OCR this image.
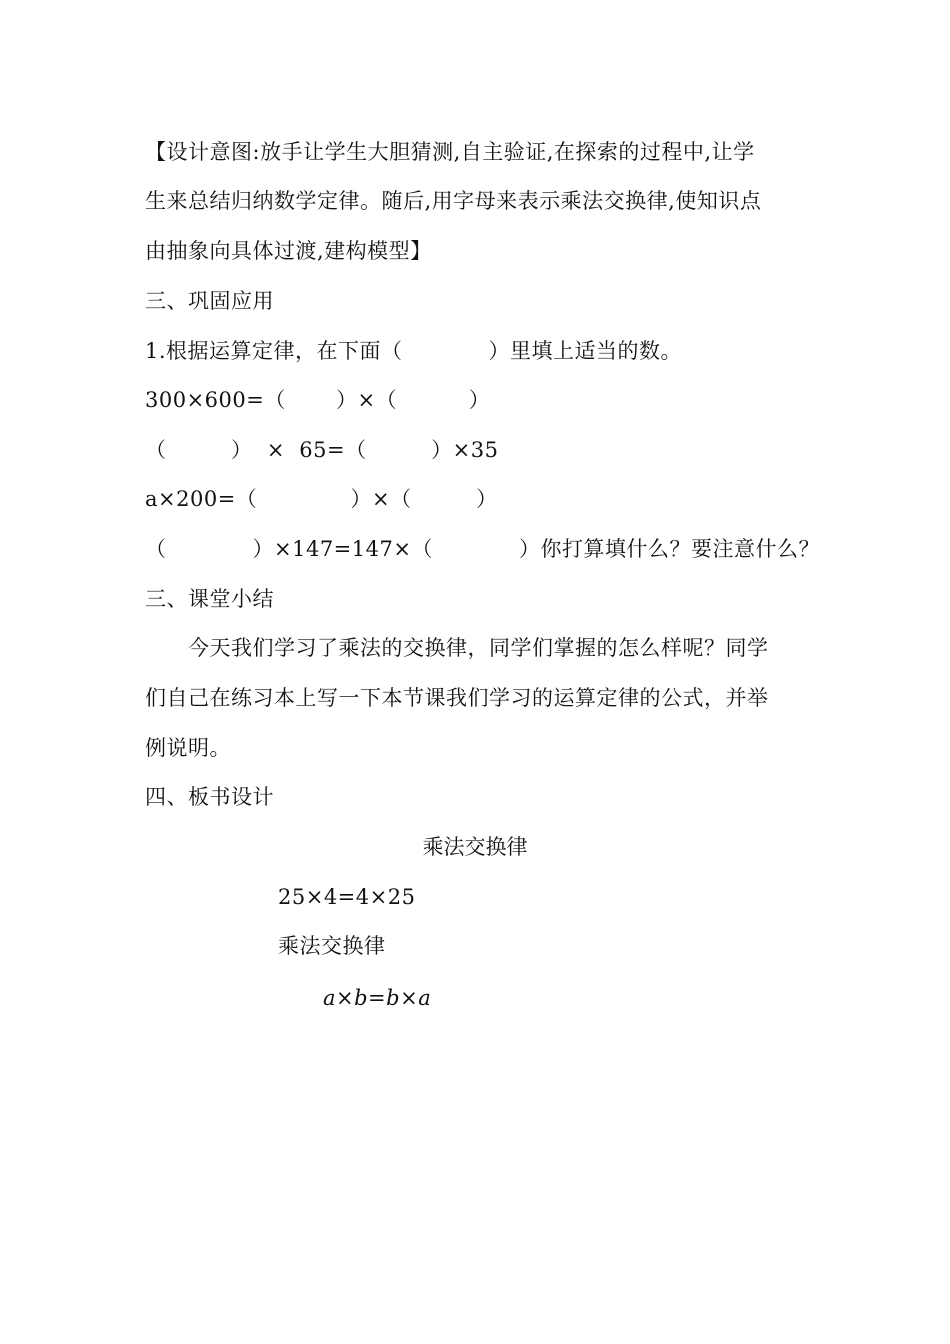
【设计意图:放手让学生大胆猜测,自主验证,在探索的过程中,让学
生来总结归纳数学定律。随后,用字母来表示乘法交换律,使知识点
由抽象向具体过渡,建构模型】
三、巩固应用
1.根据运算定律，在下面（　　　　）里填上适当的数。
300×600=（　　 ）×（　　　 ）
（　　　）  ×  65=（　　　）×35
a×200=（　　　　 ）×（　　　）
（　　　　）×147=147×（　　　　）你打算填什么？要注意什么？
三、课堂小结
　　今天我们学习了乘法的交换律，同学们掌握的怎么样呢？同学
们自己在练习本上写一下本节课我们学习的运算定律的公式，并举
例说明。
四、板书设计
乘法交换律
25×4=4×25
乘法交换律
a×b=b×a
